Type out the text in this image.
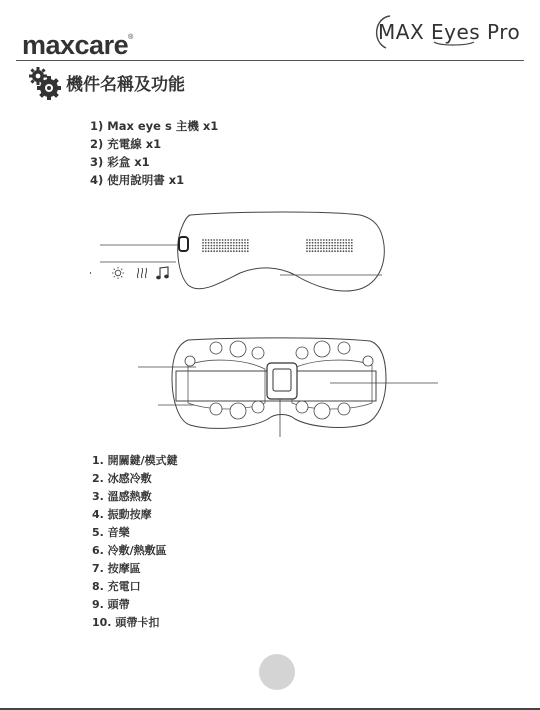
maxcare®	MAX Eyes Pro
機件名稱及功能
1) Max eye s 主機 x1
2) 充電線 x1
3) 彩盒 x1
4) 使用說明書 x1
1. 開關鍵/模式鍵
2. 冰感冷敷
3. 溫感熱敷
4. 振動按摩
5. 音樂
6. 冷敷/熱敷區
7. 按摩區
8. 充電口
9. 頭帶
10. 頭帶卡扣
